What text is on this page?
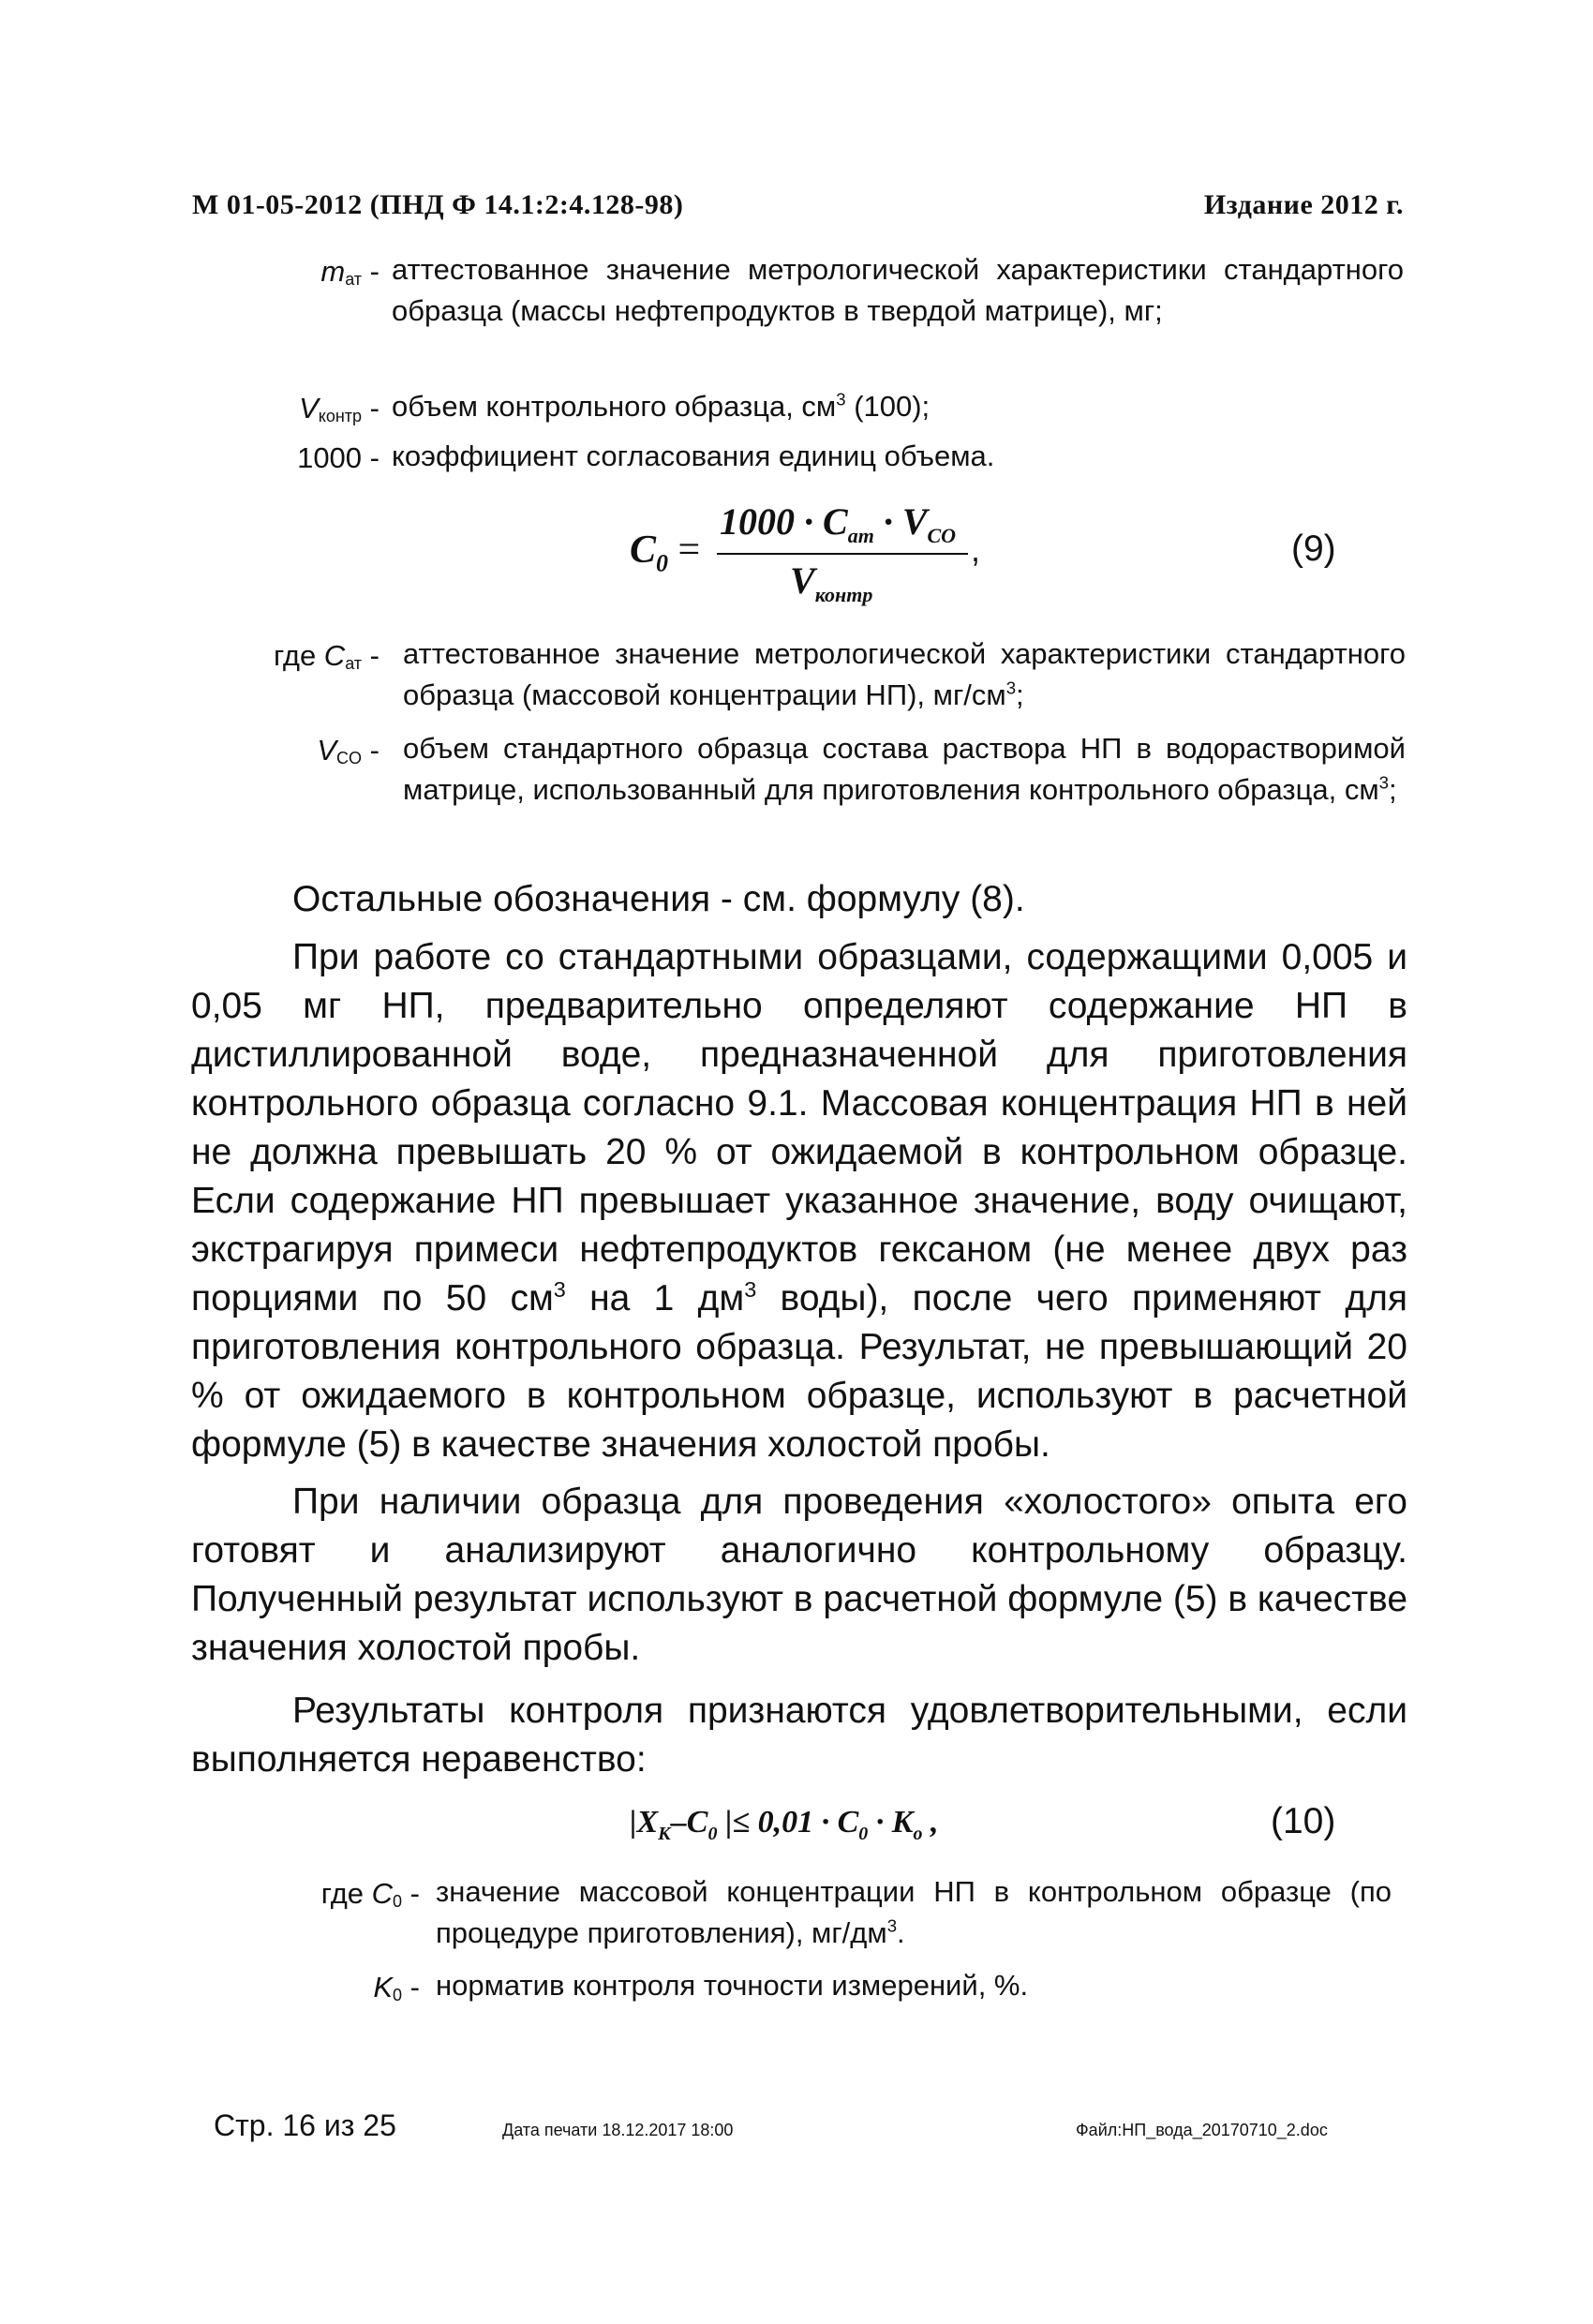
М 01-05-2012 (ПНД Ф 14.1:2:4.128-98)	Издание 2012 г.
$m_{ат}$ - аттестованное значение метрологической характеристики стандартного образца (массы нефтепродуктов в твердой матрице), мг;
$V_{контр}$ - объем контрольного образца, $см^3$ (100);
1000 - коэффициент согласования единиц объема.
$C_0$ =
$1000 \cdot C_{am} \cdot V_{CO}$
$V_{контр}$
,	(9)
где $C_{ат}$ - аттестованное значение метрологической характеристики стандартного образца (массовой концентрации НП), $мг/см^3$;
$V_{CO}$ - объем стандартного образца состава раствора НП в водорастворимой матрице, использованный для приготовления контрольного образца, $см^3$;
Остальные обозначения - см. формулу (8).

При работе со стандартными образцами, содержащими 0,005 и 0,05 мг НП, предварительно определяют содержание НП в дистиллированной воде, предназначенной для приготовления контрольного образца согласно 9.1. Массовая концентрация НП в ней не должна превышать 20 % от ожидаемой в контрольном образце. Если содержание НП превышает указанное значение, воду очищают, экстрагируя примеси нефтепродуктов гексаном (не менее двух раз порциями по 50 $см^3$ на 1 $дм^3$ воды), после чего применяют для приготовления контрольного образца. Результат, не превышающий 20 % от ожидаемого в контрольном образце, используют в расчетной формуле (5) в качестве значения холостой пробы.

При наличии образца для проведения «холостого» опыта его готовят и анализируют аналогично контрольному образцу. Полученный результат используют в расчетной формуле (5) в качестве значения холостой пробы.

Результаты контроля признаются удовлетворительными, если выполняется неравенство:

$|X_К-C_0$ |≤ $0,01 \cdot C_0 \cdot K_о$ ,	(10)
где $C_0$ - значение массовой концентрации НП в контрольном образце (по процедуре приготовления), $мг/дм^3$.
$K_0$ - норматив контроля точности измерений, %.
Стр. 16 из 25	Дата печати 18.12.2017 18:00	Файл:НП_вода_20170710_2.doc
